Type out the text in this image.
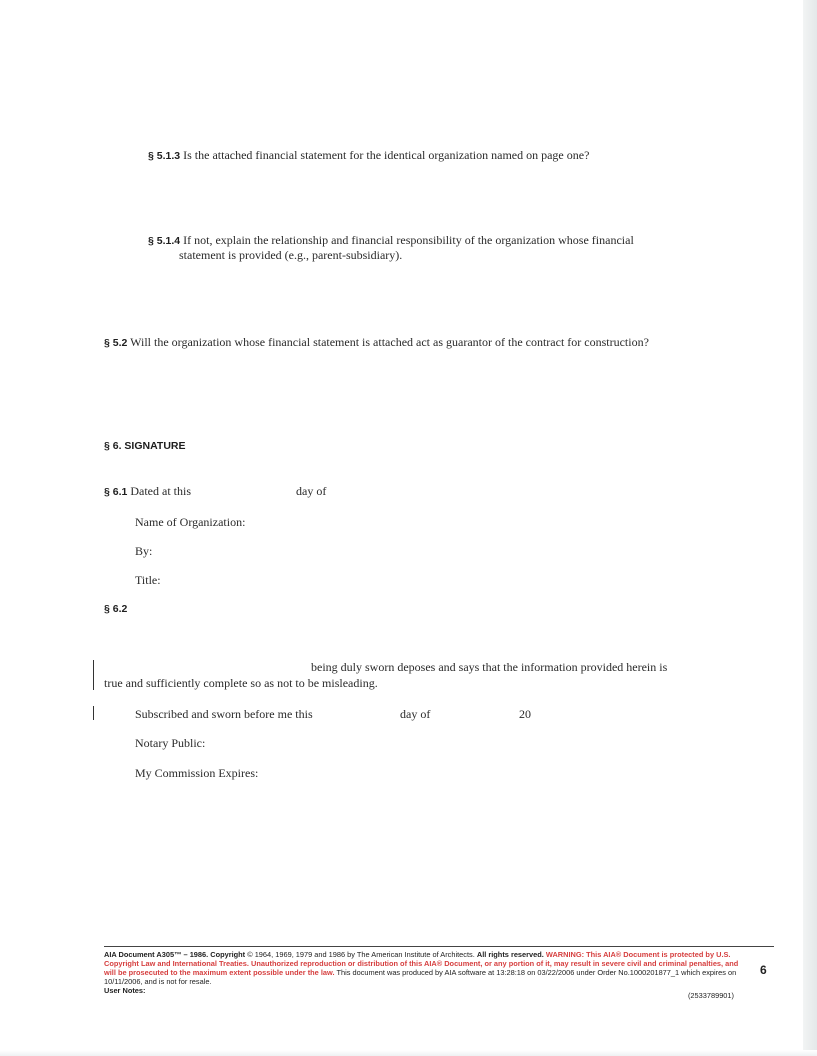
§ 5.1.3 Is the attached financial statement for the identical organization named on page one?
§ 5.1.4 If not, explain the relationship and financial responsibility of the organization whose financial
statement is provided (e.g., parent-subsidiary).
§ 5.2 Will the organization whose financial statement is attached act as guarantor of the contract for construction?
§ 6. SIGNATURE
§ 6.1 Dated at this	day of
Name of Organization:
By:
Title:
§ 6.2
being duly sworn deposes and says that the information provided herein is
true and sufficiently complete so as not to be misleading.
Subscribed and sworn before me this	day of	20
Notary Public:
My Commission Expires:
AIA Document A305™ – 1986. Copyright © 1964, 1969, 1979 and 1986 by The American Institute of Architects. All rights reserved. WARNING: This AIA® Document is protected by U.S. Copyright Law and International Treaties. Unauthorized reproduction or distribution of this AIA® Document, or any portion of it, may result in severe civil and criminal penalties, and will be prosecuted to the maximum extent possible under the law. This document was produced by AIA software at 13:28:18 on 03/22/2006 under Order No.1000201877_1 which expires on 10/11/2006, and is not for resale.
User Notes:
(2533789901)
6
